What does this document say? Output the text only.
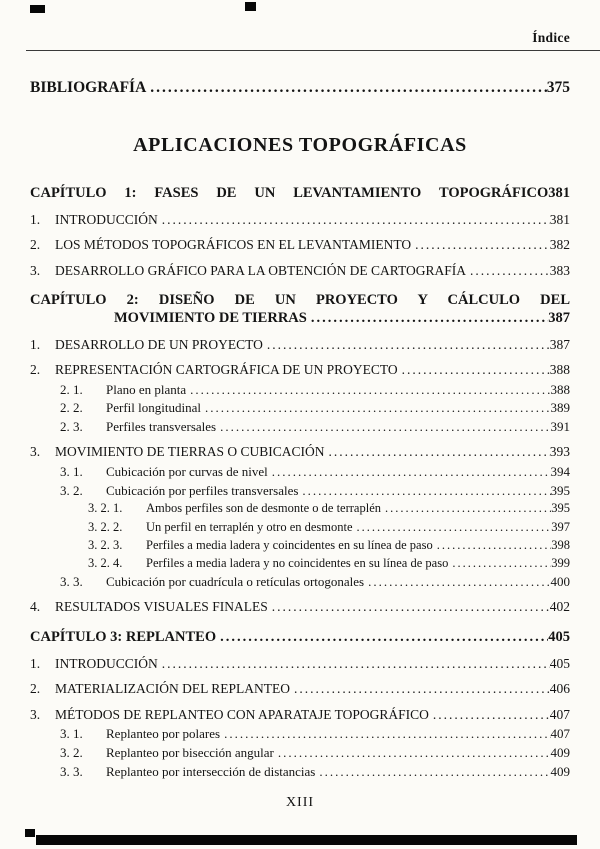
Índice
BIBLIOGRAFÍA .....	375
APLICACIONES TOPOGRÁFICAS
CAPÍTULO 1: FASES DE UN LEVANTAMIENTO TOPOGRÁFICO381
1.	INTRODUCCIÓN .....	381
2.	LOS MÉTODOS TOPOGRÁFICOS EN EL LEVANTAMIENTO .....	382
3.	DESARROLLO GRÁFICO PARA LA OBTENCIÓN DE CARTOGRAFÍA .....	383
CAPÍTULO 2: DISEÑO DE UN PROYECTO Y CÁLCULO DEL
MOVIMIENTO DE TIERRAS .....	387
1.	DESARROLLO DE UN PROYECTO .....	387
2.	REPRESENTACIÓN CARTOGRÁFICA DE UN PROYECTO .....	388
2. 1.	Plano en planta .....	388
2. 2.	Perfil longitudinal .....	389
2. 3.	Perfiles transversales .....	391
3.	MOVIMIENTO DE TIERRAS O CUBICACIÓN .....	393
3. 1.	Cubicación por curvas de nivel .....	394
3. 2.	Cubicación por perfiles transversales .....	395
3. 2. 1.	Ambos perfiles son de desmonte o de terraplén .....	395
3. 2. 2.	Un perfil en terraplén y otro en desmonte .....	397
3. 2. 3.	Perfiles a media ladera y coincidentes en su línea de paso .....	398
3. 2. 4.	Perfiles a media ladera y no coincidentes en su línea de paso .....	399
3. 3.	Cubicación por cuadrícula o retículas ortogonales .....	400
4.	RESULTADOS VISUALES FINALES .....	402
CAPÍTULO 3: REPLANTEO .....	405
1.	INTRODUCCIÓN .....	405
2.	MATERIALIZACIÓN DEL REPLANTEO .....	406
3.	MÉTODOS DE REPLANTEO CON APARATAJE TOPOGRÁFICO .....	407
3. 1.	Replanteo por polares .....	407
3. 2.	Replanteo por bisección angular .....	409
3. 3.	Replanteo por intersección de distancias .....	409
XIII
